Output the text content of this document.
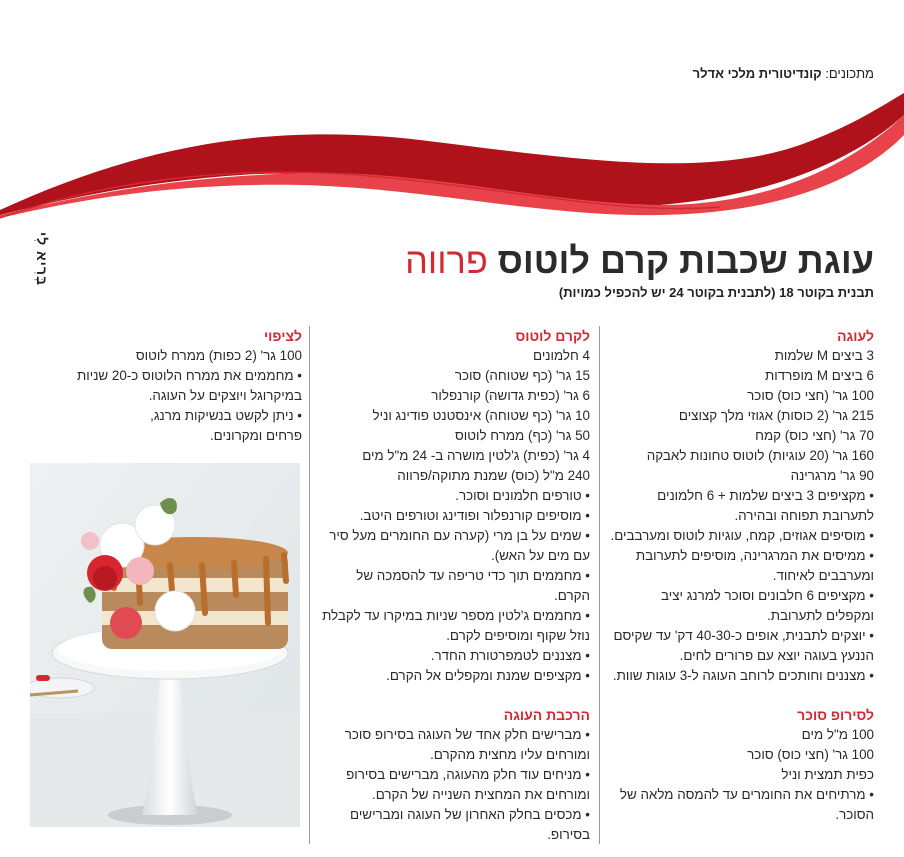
מתכונים: קונדיטורית מלכי אדלר
בְּרִיא לִי	עוגת שכבות קרם לוטוס פרווה
תבנית בקוטר 18 (לתבנית בקוטר 24 יש להכפיל כמויות)
לעוגה

3 ביצים M שלמות

6 ביצים M מופרדות

100 גר' (חצי כוס) סוכר

215 גר' (2 כוסות) אגוזי מלך קצוצים

70 גר' (חצי כוס) קמח

160 גר' (20 עוגיות) לוטוס טחונות לאבקה

90 גר' מרגרינה

• מקציפים 3 ביצים שלמות + 6 חלמונים

לתערובת תפוחה ובהירה.

• מוסיפים אגוזים, קמח, עוגיות לוטוס ומערבבים.

• ממיסים את המרגרינה, מוסיפים לתערובת

ומערבבים לאיחוד.

• מקציפים 6 חלבונים וסוכר למרנג יציב

ומקפלים לתערובת.

• יוצקים לתבנית, אופים כ-40-30 דק' עד שקיסם

הננעץ בעוגה יוצא עם פרורים לחים.

• מצננים וחותכים לרוחב העוגה ל-3 עוגות שוות.

לסירופ סוכר

100 מ"ל מים

100 גר' (חצי כוס) סוכר

כפית תמצית וניל

• מרתיחים את החומרים עד להמסה מלאה של

הסוכר.

לקרם לוטוס

4 חלמונים

15 גר' (כף שטוחה) סוכר

6 גר' (כפית גדושה) קורנפלור

10 גר' (כף שטוחה) אינסטנט פודינג וניל

50 גר' (כף) ממרח לוטוס

4 גר' (כפית) ג'לטין מושרה ב- 24 מ"ל מים

240 מ"ל (כוס) שמנת מתוקה/פרווה

• טורפים חלמונים וסוכר.

• מוסיפים קורנפלור ופודינג וטורפים היטב.

• שמים על בן מרי (קערה עם החומרים מעל סיר

עם מים על האש).

• מחממים תוך כדי טריפה עד להסמכה של

הקרם.

• מחממים ג'לטין מספר שניות במיקרו עד לקבלת

נוזל שקוף ומוסיפים לקרם.

• מצננים לטמפרטורת החדר.

• מקציפים שמנת ומקפלים אל הקרם.

הרכבת העוגה

• מברישים חלק אחד של העוגה בסירופ סוכר

ומורחים עליו מחצית מהקרם.

• מניחים עוד חלק מהעוגה, מברישים בסירופ

ומורחים את המחצית השנייה של הקרם.

• מכסים בחלק האחרון של העוגה ומברישים

בסירופ.

לציפוי

100 גר' (2 כפות) ממרח לוטוס

• מחממים את ממרח הלוטוס כ-20 שניות

במיקרוגל ויוצקים על העוגה.

• ניתן לקשט בנשיקות מרנג,

פרחים ומקרונים.
